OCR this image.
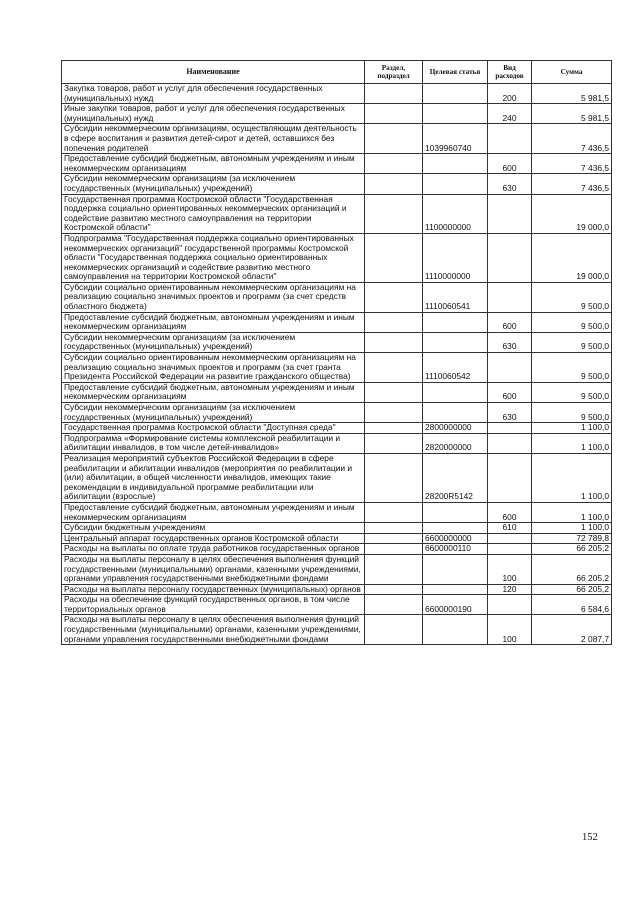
Наименование	Раздел, подраздел	Целевая статья	Вид расходов	Сумма
Закупка товаров, работ и услуг для обеспечения государственных (муниципальных) нужд			200	5 981,5
Иные закупки товаров, работ и услуг для обеспечения государственных (муниципальных) нужд			240	5 981,5
Субсидии некоммерческим организациям, осуществляющим деятельность в сфере воспитания и развития детей-сирот и детей, оставшихся без попечения родителей		1039960740		7 436,5
Предоставление субсидий бюджетным, автономным учреждениям и иным некоммерческим организациям			600	7 436,5
Субсидии некоммерческим организациям (за исключением государственных (муниципальных) учреждений)			630	7 436,5
Государственная программа Костромской области "Государственная поддержка социально ориентированных некоммерческих организаций и содействие развитию местного самоуправления на территории Костромской области"		1100000000		19 000,0
Подпрограмма "Государственная поддержка социально ориентированных некоммерческих организаций" государственной программы Костромской области "Государственная поддержка социально ориентированных некоммерческих организаций и содействие развитию местного самоуправления на территории Костромской области"		1110000000		19 000,0
Субсидии социально ориентированным некоммерческим организациям на реализацию социально значимых проектов и программ (за счет средств областного бюджета)		1110060541		9 500,0
Предоставление субсидий бюджетным, автономным учреждениям и иным некоммерческим организациям			600	9 500,0
Субсидии некоммерческим организациям (за исключением государственных (муниципальных) учреждений)			630	9 500,0
Субсидии социально ориентированным некоммерческим организациям на реализацию социально значимых проектов и программ (за счет гранта Президента Российской Федерации на развитие гражданского общества)		1110060542		9 500,0
Предоставление субсидий бюджетным, автономным учреждениям и иным некоммерческим организациям			600	9 500,0
Субсидии некоммерческим организациям (за исключением государственных (муниципальных) учреждений)			630	9 500,0
Государственная программа Костромской области "Доступная среда"		2800000000		1 100,0
Подпрограмма «Формирование системы комплексной реабилитации и абилитации инвалидов, в том числе детей-инвалидов»		2820000000		1 100,0
Реализация мероприятий субъектов Российской Федерации в сфере реабилитации и абилитации инвалидов (мероприятия по реабилитации и (или) абилитации, в общей численности инвалидов, имеющих такие рекомендации в индивидуальной программе реабилитации или абилитации (взрослые)		28200R5142		1 100,0
Предоставление субсидий бюджетным, автономным учреждениям и иным некоммерческим организациям			600	1 100,0
Субсидии бюджетным учреждениям			610	1 100,0
Центральный аппарат государственных органов Костромской области		6600000000		72 789,8
Расходы на выплаты по оплате труда работников государственных органов		6600000110		66 205,2
Расходы на выплаты персоналу в целях обеспечения выполнения функций государственными (муниципальными) органами, казенными учреждениями, органами управления государственными внебюджетными фондами			100	66 205,2
Расходы на выплаты персоналу государственных (муниципальных) органов			120	66 205,2
Расходы на обеспечение функций государственных органов, в том числе территориальных органов		6600000190		6 584,6
Расходы на выплаты персоналу в целях обеспечения выполнения функций государственными (муниципальными) органами, казенными учреждениями, органами управления государственными внебюджетными фондами			100	2 087,7
152
